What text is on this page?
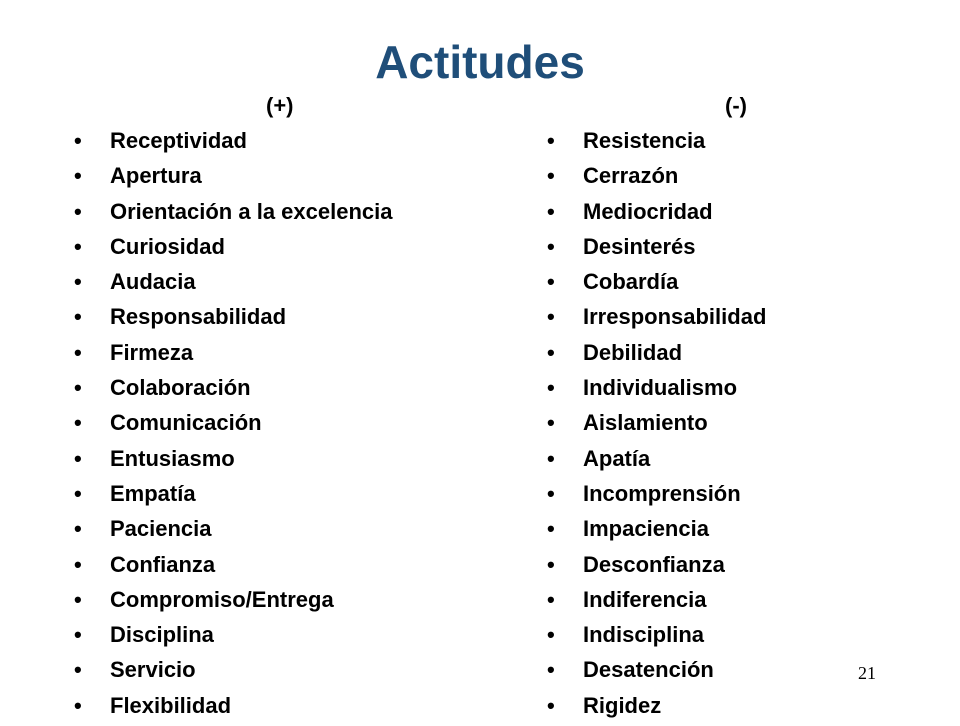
Actitudes
(+)
•	Receptividad
•	Apertura
•	Orientación a la excelencia
•	Curiosidad
•	Audacia
•	Responsabilidad
•	Firmeza
•	Colaboración
•	Comunicación
•	Entusiasmo
•	Empatía
•	Paciencia
•	Confianza
•	Compromiso/Entrega
•	Disciplina
•	Servicio
•	Flexibilidad
(-)
•	Resistencia
•	Cerrazón
•	Mediocridad
•	Desinterés
•	Cobardía
•	Irresponsabilidad
•	Debilidad
•	Individualismo
•	Aislamiento
•	Apatía
•	Incomprensión
•	Impaciencia
•	Desconfianza
•	Indiferencia
•	Indisciplina
•	Desatención
•	Rigidez
21
